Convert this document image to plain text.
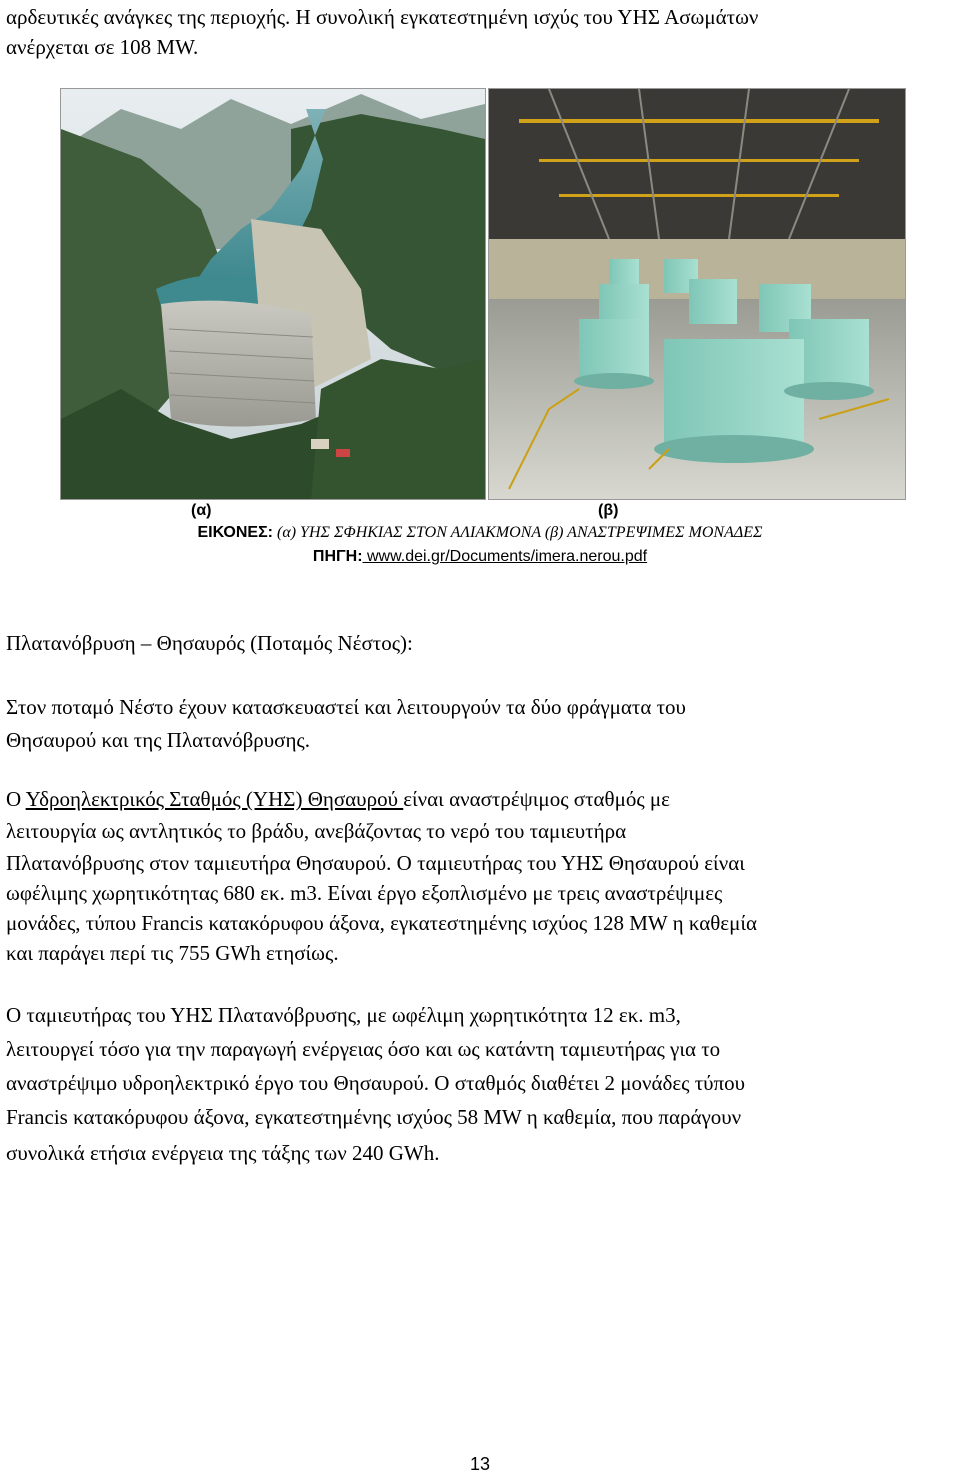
αρδευτικές ανάγκες της περιοχής. Η συνολική εγκατεστημένη ισχύς του ΥΗΣ Ασωμάτων

ανέρχεται σε 108 MW.

(α)	(β)
ΕΙΚΟΝΕΣ: (α) ΥΗΣ ΣΦΗΚΙΑΣ ΣΤΟΝ ΑΛΙΑΚΜΟΝΑ (β) ΑΝΑΣΤΡΕΨΙΜΕΣ ΜΟΝΑΔΕΣ
ΠΗΓΗ: www.dei.gr/Documents/imera.nerou.pdf

Πλατανόβρυση – Θησαυρός (Ποταμός Νέστος):

Στον ποταμό Νέστο έχουν κατασκευαστεί και λειτουργούν τα δύο φράγματα του

Θησαυρού και της Πλατανόβρυσης.

Ο Υδροηλεκτρικός Σταθμός (ΥΗΣ) Θησαυρού είναι αναστρέψιμος σταθμός με

λειτουργία ως αντλητικός το βράδυ, ανεβάζοντας το νερό του ταμιευτήρα

Πλατανόβρυσης στον ταμιευτήρα Θησαυρού. Ο ταμιευτήρας του ΥΗΣ Θησαυρού είναι

ωφέλιμης χωρητικότητας 680 εκ. m3. Είναι έργο εξοπλισμένο με τρεις αναστρέψιμες

μονάδες, τύπου Francis κατακόρυφου άξονα, εγκατεστημένης ισχύος 128 MW η καθεμία

και παράγει περί τις 755 GWh ετησίως.

Ο ταμιευτήρας του ΥΗΣ Πλατανόβρυσης, με ωφέλιμη χωρητικότητα 12 εκ. m3,

λειτουργεί τόσο για την παραγωγή ενέργειας όσο και ως κατάντη ταμιευτήρας για το

αναστρέψιμο υδροηλεκτρικό έργο του Θησαυρού. Ο σταθμός διαθέτει 2 μονάδες τύπου

Francis κατακόρυφου άξονα, εγκατεστημένης ισχύος 58 MW η καθεμία, που παράγουν

συνολικά ετήσια ενέργεια της τάξης των 240 GWh.

13
